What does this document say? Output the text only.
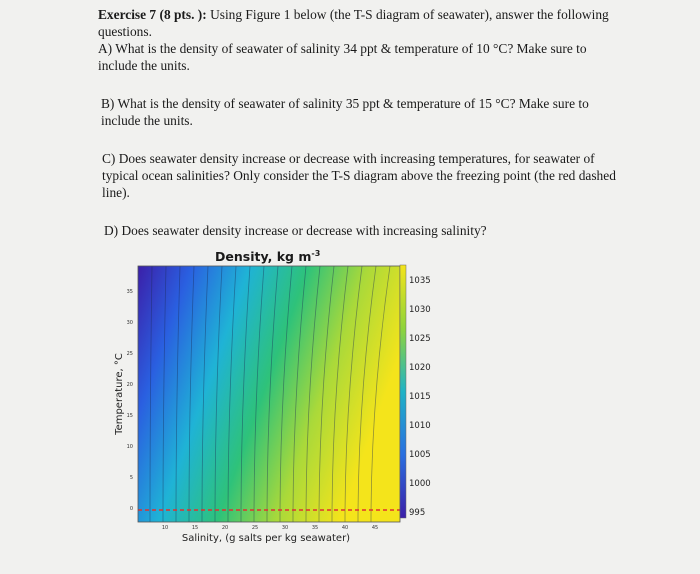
Exercise 7 (8 pts. ): Using Figure 1 below (the T-S diagram of seawater), answer the following

questions.

A) What is the density of seawater of salinity 34 ppt & temperature of 10 °C? Make sure to

include the units.

B) What is the density of seawater of salinity 35 ppt & temperature of 15 °C? Make sure to

include the units.

C) Does seawater density increase or decrease with increasing temperatures, for seawater of

typical ocean salinities? Only consider the T-S diagram above the freezing point (the red dashed

line).

D) Does seawater density increase or decrease with increasing salinity?

Density, kg $m^{-3}$
35
30
25
20
15
10
5
0
10	15	20	25	30	35	40	45
Temperature, °C
Salinity, (g salts per kg seawater)
1035
1030
1025
1020
1015
1010
1005
1000
995
